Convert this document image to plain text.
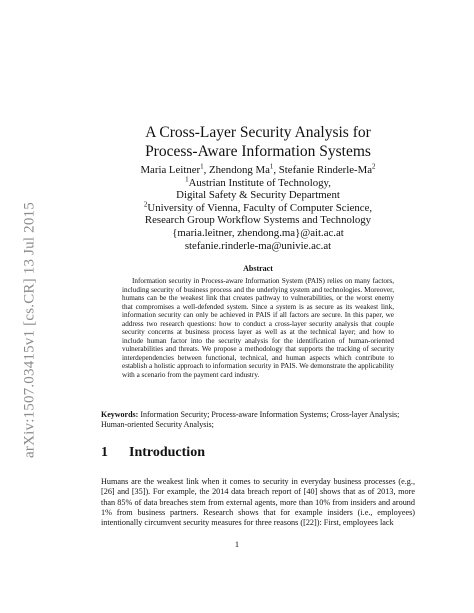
arXiv:1507.03415v1 [cs.CR] 13 Jul 2015
A Cross-Layer Security Analysis for
Process-Aware Information Systems
Maria Leitner$^1$, Zhendong Ma$^1$, Stefanie Rinderle-Ma$^2$
$^1$Austrian Institute of Technology,
Digital Safety & Security Department
$^2$University of Vienna, Faculty of Computer Science,
Research Group Workflow Systems and Technology
{maria.leitner, zhendong.ma}@ait.ac.at
stefanie.rinderle-ma@univie.ac.at
Abstract

Information security in Process-aware Information System (PAIS) relies on many factors, including security of business process and the underlying system and technologies. Moreover, humans can be the weakest link that creates pathway to vulnerabilities, or the worst enemy that compromises a well-defended system. Since a system is as secure as its weakest link, information security can only be achieved in PAIS if all factors are secure. In this paper, we address two research questions: how to conduct a cross-layer security analysis that couple security concerns at business process layer as well as at the technical layer; and how to include human factor into the security analysis for the identification of human-oriented vulnerabilities and threats. We propose a methodology that supports the tracking of security interdependencies between functional, technical, and human aspects which contribute to establish a holistic approach to information security in PAIS. We demonstrate the applicability with a scenario from the payment card industry.

Keywords: Information Security; Process-aware Information Systems; Cross-layer Analysis; Human-oriented Security Analysis;

1 Introduction

Humans are the weakest link when it comes to security in everyday business processes (e.g., [26] and [35]). For example, the 2014 data breach report of [40] shows that as of 2013, more than 85% of data breaches stem from external agents, more than 10% from insiders and around 1% from business partners. Research shows that for example insiders (i.e., employees) intentionally circumvent security measures for three reasons ([22]): First, employees lack

1
